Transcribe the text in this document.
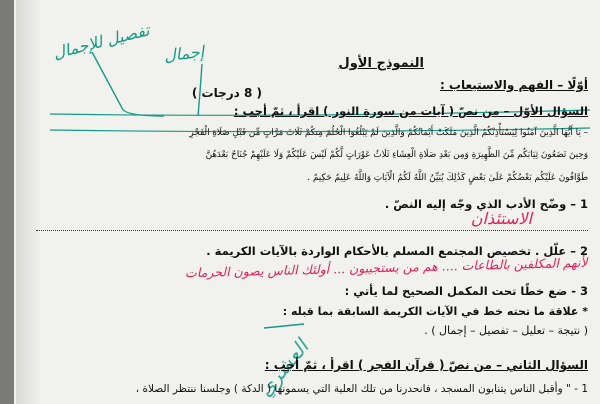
تفصيل للإجمال إجمال	النموذج الأول
( 8 درجات )
أوّلًا – الفهم والاستيعاب :
السؤال الأوّل – من نصّ ( آيات من سورة النور ) اقرأ ، ثمّ أجب :
– يَا أَيُّهَا الَّذِينَ آمَنُوا لِيَسْتَأْذِنْكُمُ الَّذِينَ مَلَكَتْ أَيْمَانُكُمْ وَالَّذِينَ لَمْ يَبْلُغُوا الْحُلُمَ مِنكُمْ ثَلَاثَ مَرَّاتٍ مِّن قَبْلِ صَلَاةِ الْفَجْرِ
وَحِينَ تَضَعُونَ ثِيَابَكُم مِّنَ الظَّهِيرَةِ وَمِن بَعْدِ صَلَاةِ الْعِشَاءِ ثَلَاثُ عَوْرَاتٍ لَّكُمْ لَيْسَ عَلَيْكُمْ وَلَا عَلَيْهِمْ جُنَاحٌ بَعْدَهُنَّ
طَوَّافُونَ عَلَيْكُم بَعْضُكُمْ عَلَىٰ بَعْضٍ كَذَٰلِكَ يُبَيِّنُ اللَّهُ لَكُمُ الْآيَاتِ وَاللَّهُ عَلِيمٌ حَكِيمٌ .
1 – وضّح الأدب الذي وجّه إليه النصّ .
الاستئذان
2 – علّل . تخصيص المجتمع المسلم بالأحكام الواردة بالآيات الكريمة .
لأنهم المكلفين بالطاعات .... هم من يستجيبون ... أولئك الناس يصون الحرمات
3 - ضع خطًا تحت المكمل الصحيح لما يأتي :
* علاقة ما تحته خط في الآيات الكريمة السابقة بما قبله :
( نتيجة – تعليل – تفصيل – إجمال ) .
العشري
السؤال الثاني – من نصّ ( قرآن الفجر ) اقرأ ، ثمّ أجب :
1 - " وأقبل الناس يتنابون المسجد ، فانحدرنا من تلك العلية التي يسمونها ( الدكة ) وجلسنا ننتظر الصلاة ،
